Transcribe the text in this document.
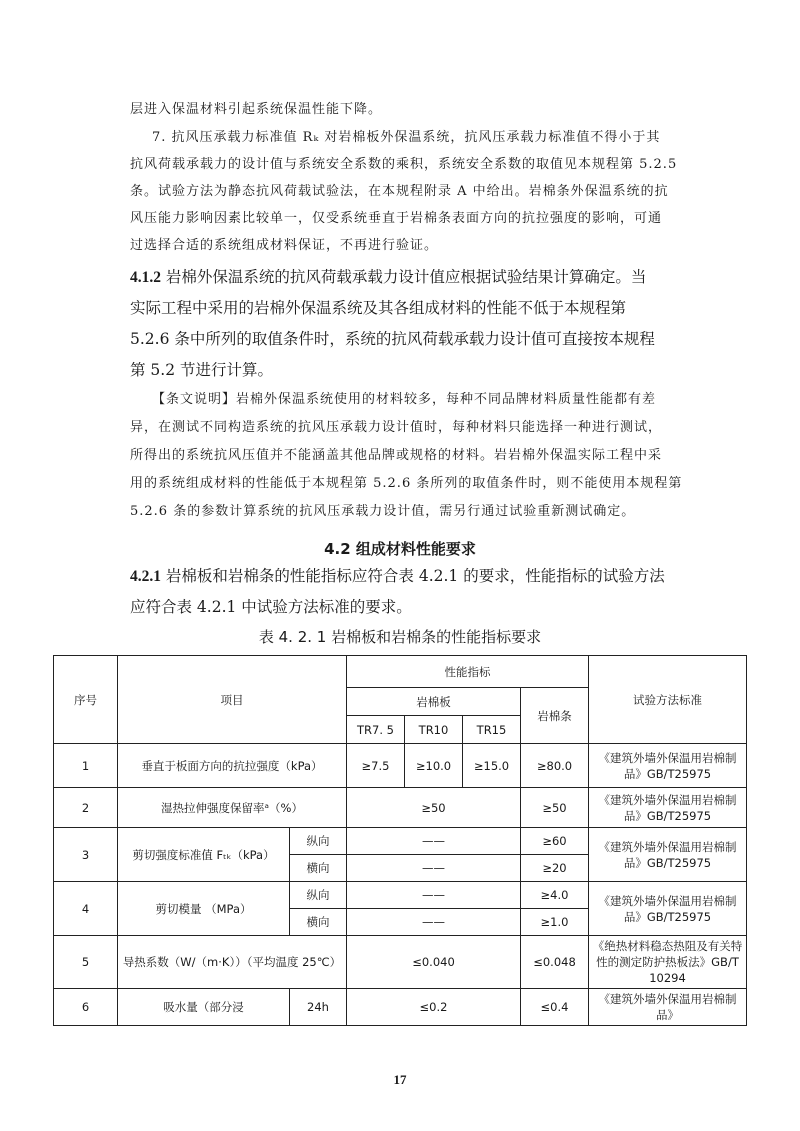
层进入保温材料引起系统保温性能下降。
7. 抗风压承载力标准值 Rₖ 对岩棉板外保温系统，抗风压承载力标准值不得小于其
抗风荷载承载力的设计值与系统安全系数的乘积，系统安全系数的取值见本规程第 5.2.5
条。试验方法为静态抗风荷载试验法，在本规程附录 A 中给出。岩棉条外保温系统的抗
风压能力影响因素比较单一，仅受系统垂直于岩棉条表面方向的抗拉强度的影响，可通
过选择合适的系统组成材料保证，不再进行验证。
4.1.2 岩棉外保温系统的抗风荷载承载力设计值应根据试验结果计算确定。当
实际工程中采用的岩棉外保温系统及其各组成材料的性能不低于本规程第
5.2.6 条中所列的取值条件时，系统的抗风荷载承载力设计值可直接按本规程
第 5.2 节进行计算。
【条文说明】岩棉外保温系统使用的材料较多，每种不同品牌材料质量性能都有差
异，在测试不同构造系统的抗风压承载力设计值时，每种材料只能选择一种进行测试，
所得出的系统抗风压值并不能涵盖其他品牌或规格的材料。岩岩棉外保温实际工程中采
用的系统组成材料的性能低于本规程第 5.2.6 条所列的取值条件时，则不能使用本规程第
5.2.6 条的参数计算系统的抗风压承载力设计值，需另行通过试验重新测试确定。
4.2 组成材料性能要求
4.2.1 岩棉板和岩棉条的性能指标应符合表 4.2.1 的要求，性能指标的试验方法
应符合表 4.2.1 中试验方法标准的要求。
表 4. 2. 1 岩棉板和岩棉条的性能指标要求
序号	项目		性能指标				试验方法标准
			岩棉板			岩棉条	
			TR7. 5	TR10	TR15		
1	垂直于板面方向的抗拉强度（kPa）		≥7.5	≥10.0	≥15.0	≥80.0	《建筑外墙外保温用岩棉制品》GB/T25975
2	湿热拉伸强度保留率ᵃ（%）		≥50			≥50	《建筑外墙外保温用岩棉制品》GB/T25975
3	剪切强度标准值 Fₜₖ（kPa）	纵向	——			≥60	《建筑外墙外保温用岩棉制品》GB/T25975
		横向	——			≥20	
4	剪切模量 （MPa）	纵向	——			≥4.0	《建筑外墙外保温用岩棉制品》GB/T25975
		横向	——			≥1.0	
5	导热系数（W/（m·K））（平均温度 25℃）		≤0.040			≤0.048	《绝热材料稳态热阻及有关特性的测定防护热板法》GB/T 10294
6	吸水量（部分浸	24h	≤0.2			≤0.4	《建筑外墙外保温用岩棉制品》
17
